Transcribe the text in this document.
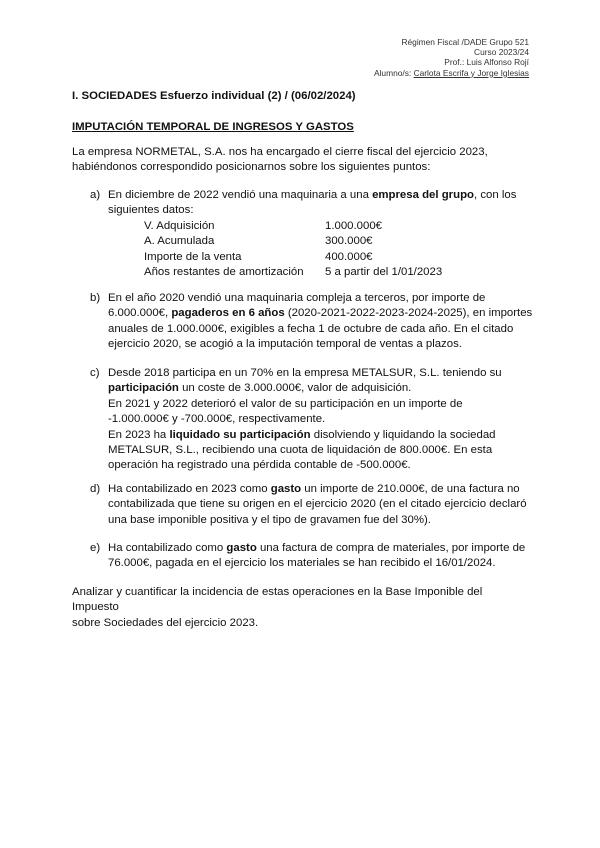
Régimen Fiscal /DADE Grupo 521
Curso 2023/24
Prof.: Luis Alfonso Rojí
Alumno/s: Carlota Escrifa y Jorge Iglesias
I. SOCIEDADES Esfuerzo individual (2) / (06/02/2024)
IMPUTACIÓN TEMPORAL DE INGRESOS Y GASTOS
La empresa NORMETAL, S.A. nos ha encargado el cierre fiscal del ejercicio 2023,
habiéndonos correspondido posicionarnos sobre los siguientes puntos:
a) En diciembre de 2022 vendió una maquinaria a una empresa del grupo, con los
siguientes datos:
V. Adquisición	1.000.000€
A. Acumulada	300.000€
Importe de la venta	400.000€
Años restantes de amortización	5 a partir del 1/01/2023
b) En el año 2020 vendió una maquinaria compleja a terceros, por importe de
6.000.000€, pagaderos en 6 años (2020-2021-2022-2023-2024-2025), en importes
anuales de 1.000.000€, exigibles a fecha 1 de octubre de cada año. En el citado
ejercicio 2020, se acogió a la imputación temporal de ventas a plazos.
c) Desde 2018 participa en un 70% en la empresa METALSUR, S.L. teniendo su
participación un coste de 3.000.000€, valor de adquisición.
En 2021 y 2022 deterioró el valor de su participación en un importe de
-1.000.000€ y -700.000€, respectivamente.
En 2023 ha liquidado su participación disolviendo y liquidando la sociedad
METALSUR, S.L., recibiendo una cuota de liquidación de 800.000€. En esta
operación ha registrado una pérdida contable de -500.000€.
d) Ha contabilizado en 2023 como gasto un importe de 210.000€, de una factura no
contabilizada que tiene su origen en el ejercicio 2020 (en el citado ejercicio declaró
una base imponible positiva y el tipo de gravamen fue del 30%).
e) Ha contabilizado como gasto una factura de compra de materiales, por importe de
76.000€, pagada en el ejercicio los materiales se han recibido el 16/01/2024.
Analizar y cuantificar la incidencia de estas operaciones en la Base Imponible del Impuesto
sobre Sociedades del ejercicio 2023.
